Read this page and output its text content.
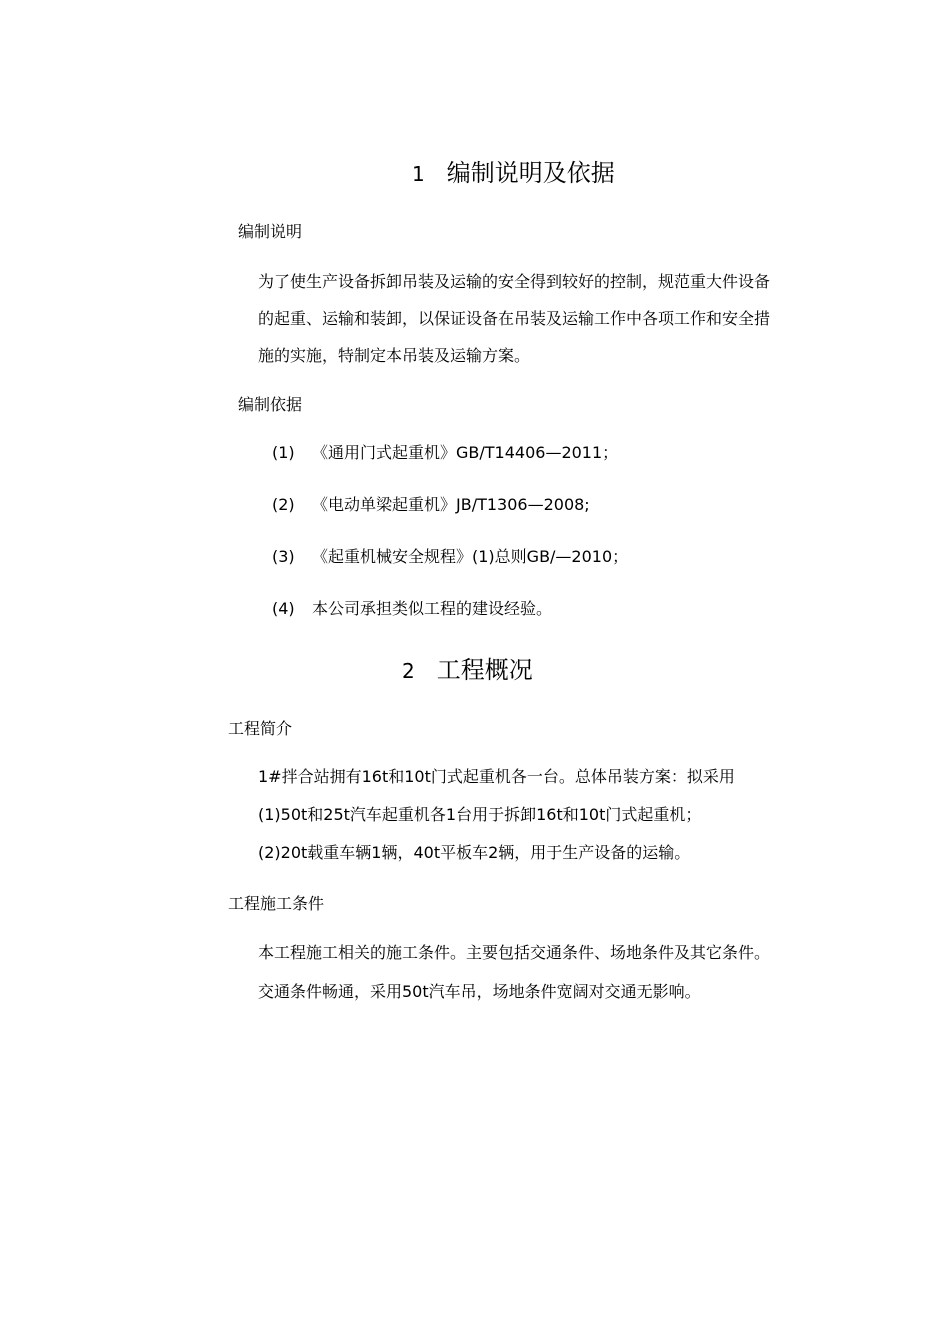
1 编制说明及依据
编制说明
为了使生产设备拆卸吊装及运输的安全得到较好的控制，规范重大件设备
的起重、运输和装卸，以保证设备在吊装及运输工作中各项工作和安全措
施的实施，特制定本吊装及运输方案。
编制依据
(1) 《通用门式起重机》GB/T14406—2011；
(2) 《电动单梁起重机》JB/T1306—2008;
(3) 《起重机械安全规程》(1)总则GB/—2010；
(4) 本公司承担类似工程的建设经验。
2 工程概况
工程简介
1#拌合站拥有16t和10t门式起重机各一台。总体吊装方案：拟采用
(1)50t和25t汽车起重机各1台用于拆卸16t和10t门式起重机；
(2)20t载重车辆1辆，40t平板车2辆，用于生产设备的运输。
工程施工条件
本工程施工相关的施工条件。主要包括交通条件、场地条件及其它条件。
交通条件畅通，采用50t汽车吊，场地条件宽阔对交通无影响。
